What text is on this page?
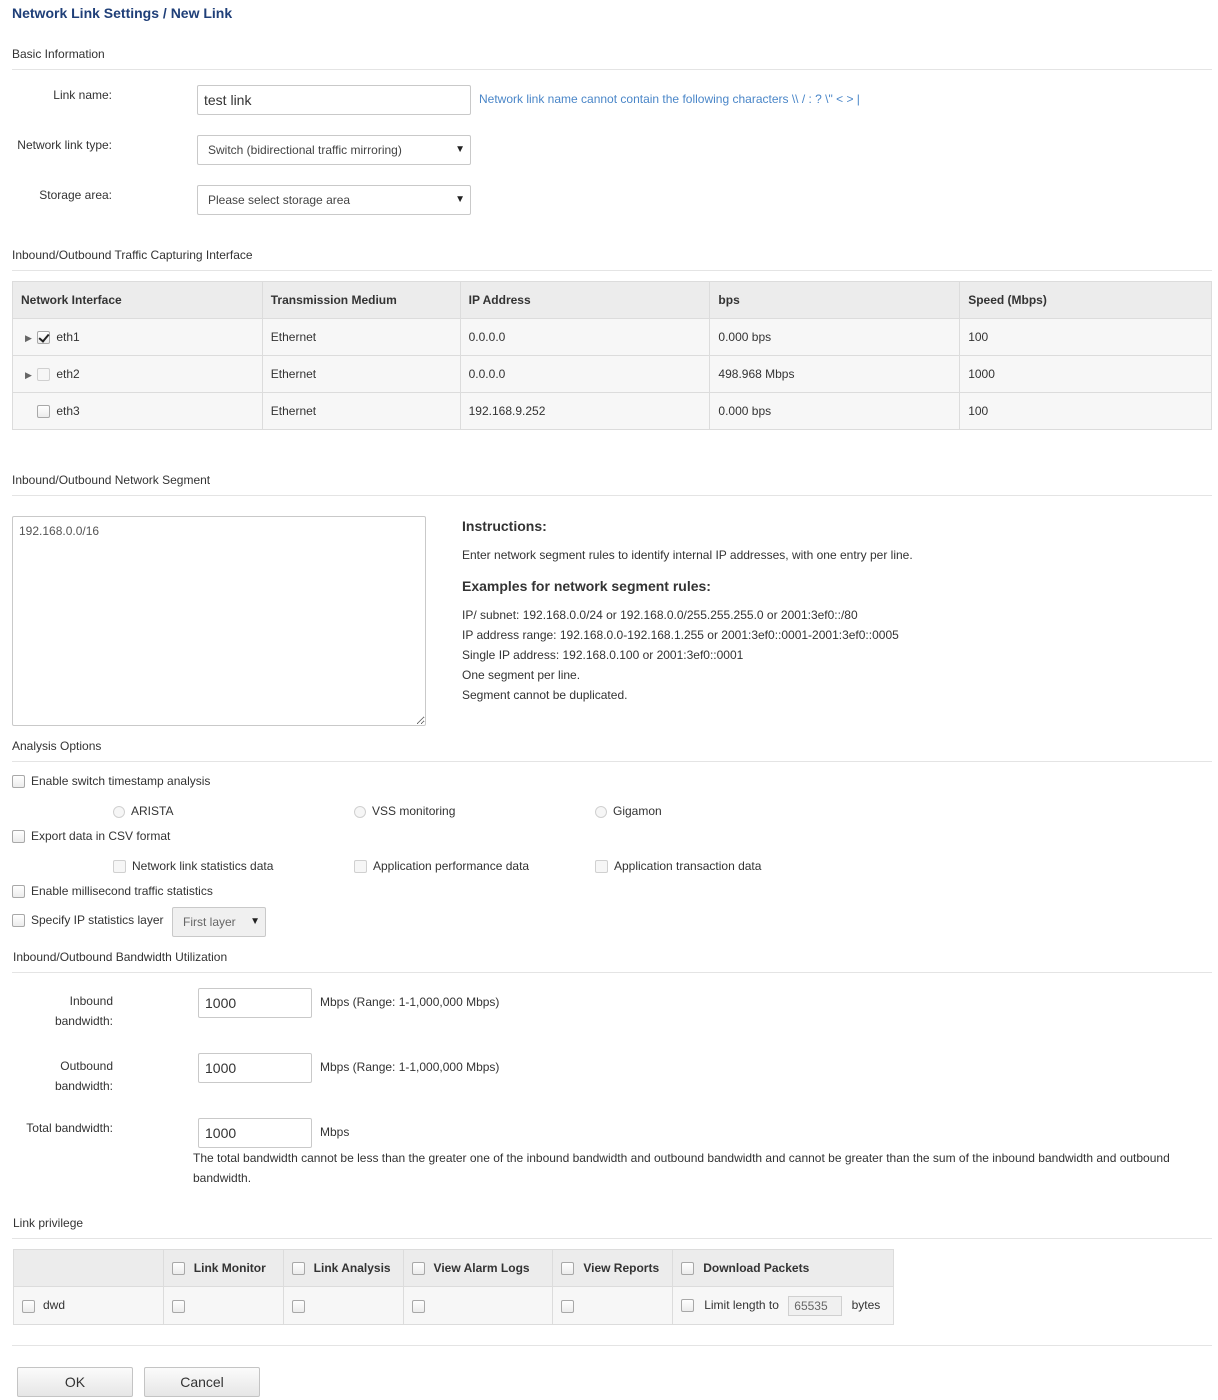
Network Link Settings / New Link
Basic Information
Link name:
test link	Network link name cannot contain the following characters \\ / : ? \" < > |
Network link type:	Switch (bidirectional traffic mirroring)	▼
Storage area:	Please select storage area	▼
Inbound/Outbound Traffic Capturing Interface
Network Interface	Transmission Medium	IP Address	bps	Speed (Mbps)
▶ eth1	Ethernet	0.0.0.0	0.000 bps	100
▶ eth2	Ethernet	0.0.0.0	498.968 Mbps	1000
eth3	Ethernet	192.168.9.252	0.000 bps	100
Inbound/Outbound Network Segment
192.168.0.0/16
Instructions:
Enter network segment rules to identify internal IP addresses, with one entry per line.
Examples for network segment rules:
IP/ subnet: 192.168.0.0/24 or 192.168.0.0/255.255.255.0 or 2001:3ef0::/80
IP address range: 192.168.0.0-192.168.1.255 or 2001:3ef0::0001-2001:3ef0::0005
Single IP address: 192.168.0.100 or 2001:3ef0::0001
One segment per line.
Segment cannot be duplicated.
Analysis Options
Enable switch timestamp analysis
ARISTA	VSS monitoring	Gigamon
Export data in CSV format
Network link statistics data	Application performance data	Application transaction data
Enable millisecond traffic statistics
Specify IP statistics layer	First layer ▼
Inbound/Outbound Bandwidth Utilization
Inbound
bandwidth:
1000
Mbps (Range: 1-1,000,000 Mbps)
Outbound
bandwidth:
1000
Mbps (Range: 1-1,000,000 Mbps)
Total bandwidth:
1000	Mbps
The total bandwidth cannot be less than the greater one of the inbound bandwidth and outbound bandwidth and cannot be greater than the sum of the inbound bandwidth and outbound bandwidth.
Link privilege
	Link Monitor	Link Analysis	View Alarm Logs	View Reports	Download Packets
dwd					Limit length to 65535 bytes
OK	Cancel
